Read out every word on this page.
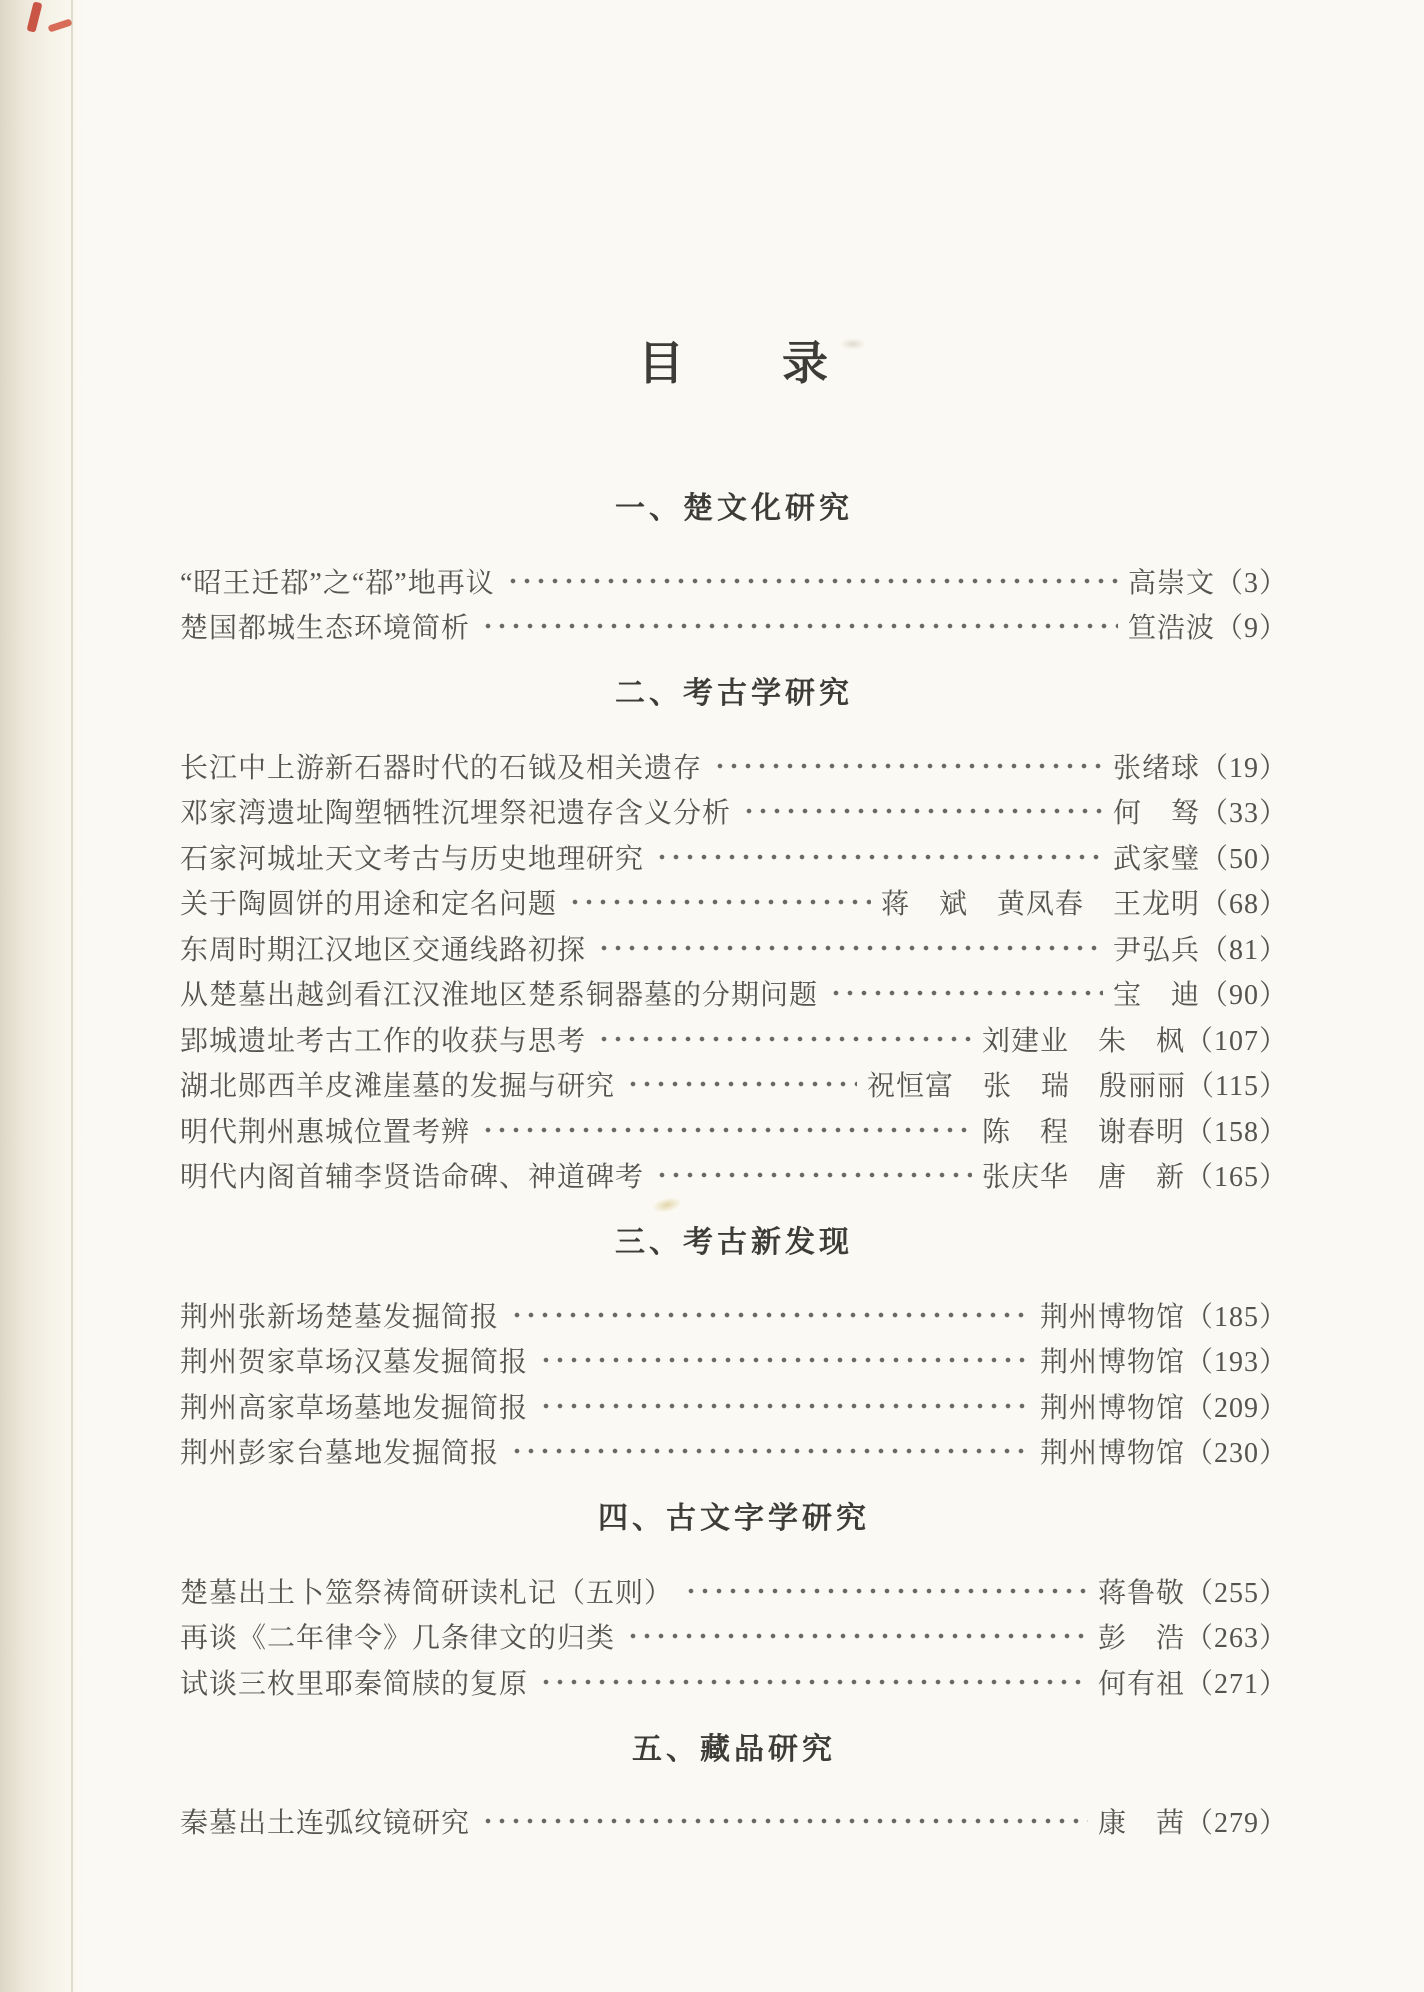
目　　录
一、楚文化研究
“昭王迁鄀”之“鄀”地再议	高崇文 （3）
楚国都城生态环境简析	笪浩波 （9）
二、考古学研究
长江中上游新石器时代的石钺及相关遗存	张绪球 （19）
邓家湾遗址陶塑牺牲沉埋祭祀遗存含义分析	何　驽 （33）
石家河城址天文考古与历史地理研究	武家璧 （50）
关于陶圆饼的用途和定名问题	蒋　斌　黄凤春　王龙明 （68）
东周时期江汉地区交通线路初探	尹弘兵 （81）
从楚墓出越剑看江汉淮地区楚系铜器墓的分期问题	宝　迪 （90）
郢城遗址考古工作的收获与思考	刘建业　朱　枫 （107）
湖北郧西羊皮滩崖墓的发掘与研究	祝恒富　张　瑞　殷丽丽 （115）
明代荆州惠城位置考辨	陈　程　谢春明 （158）
明代内阁首辅李贤诰命碑、神道碑考	张庆华　唐　新 （165）
三、考古新发现
荆州张新场楚墓发掘简报	荆州博物馆 （185）
荆州贺家草场汉墓发掘简报	荆州博物馆 （193）
荆州高家草场墓地发掘简报	荆州博物馆 （209）
荆州彭家台墓地发掘简报	荆州博物馆 （230）
四、古文字学研究
楚墓出土卜筮祭祷简研读札记（五则）	蒋鲁敬 （255）
再谈《二年律令》几条律文的归类	彭　浩 （263）
试谈三枚里耶秦简牍的复原	何有祖 （271）
五、藏品研究
秦墓出土连弧纹镜研究	康　茜 （279）
